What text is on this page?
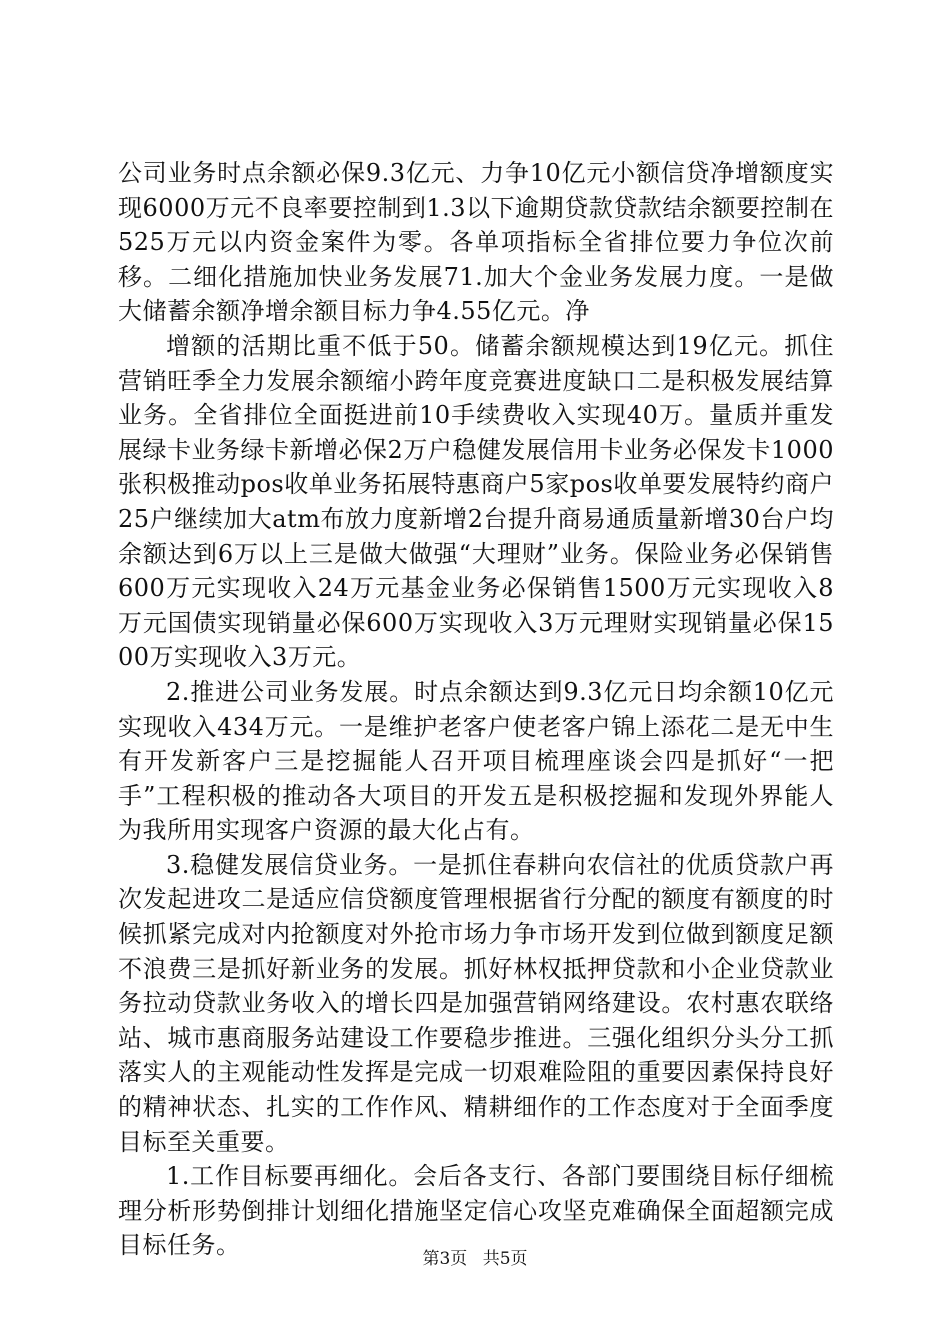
公司业务时点余额必保9.3亿元、力争10亿元小额信贷净增额度实现6000万元不良率要控制到1.3以下逾期贷款贷款结余额要控制在525万元以内资金案件为零。各单项指标全省排位要力争位次前移。二细化措施加快业务发展71.加大个金业务发展力度。一是做大储蓄余额净增余额目标力争4.55亿元。净

增额的活期比重不低于50。储蓄余额规模达到19亿元。抓住营销旺季全力发展余额缩小跨年度竞赛进度缺口二是积极发展结算业务。全省排位全面挺进前10手续费收入实现40万。量质并重发展绿卡业务绿卡新增必保2万户稳健发展信用卡业务必保发卡1000张积极推动pos收单业务拓展特惠商户5家pos收单要发展特约商户25户继续加大atm布放力度新增2台提升商易通质量新增30台户均余额达到6万以上三是做大做强“大理财”业务。保险业务必保销售600万元实现收入24万元基金业务必保销售1500万元实现收入8万元国债实现销量必保600万实现收入3万元理财实现销量必保1500万实现收入3万元。

2.推进公司业务发展。时点余额达到9.3亿元日均余额10亿元实现收入434万元。一是维护老客户使老客户锦上添花二是无中生有开发新客户三是挖掘能人召开项目梳理座谈会四是抓好“一把手”工程积极的推动各大项目的开发五是积极挖掘和发现外界能人为我所用实现客户资源的最大化占有。

3.稳健发展信贷业务。一是抓住春耕向农信社的优质贷款户再次发起进攻二是适应信贷额度管理根据省行分配的额度有额度的时候抓紧完成对内抢额度对外抢市场力争市场开发到位做到额度足额不浪费三是抓好新业务的发展。抓好林权抵押贷款和小企业贷款业务拉动贷款业务收入的增长四是加强营销网络建设。农村惠农联络站、城市惠商服务站建设工作要稳步推进。三强化组织分头分工抓落实人的主观能动性发挥是完成一切艰难险阻的重要因素保持良好的精神状态、扎实的工作作风、精耕细作的工作态度对于全面季度目标至关重要。

1.工作目标要再细化。会后各支行、各部门要围绕目标仔细梳理分析形势倒排计划细化措施坚定信心攻坚克难确保全面超额完成目标任务。	第3页 共5页
